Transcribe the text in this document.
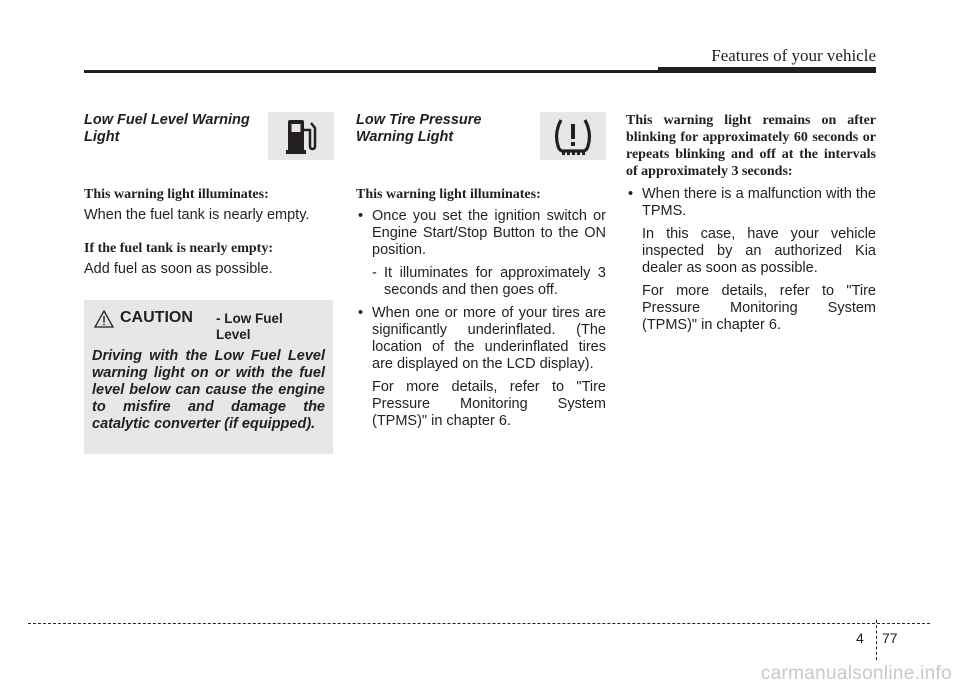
Features of your vehicle
Low Fuel Level Warning Light

This warning light illuminates:

When the fuel tank is nearly empty.

If the fuel tank is nearly empty:

Add fuel as soon as possible.

CAUTION - Low Fuel Level
Driving with the Low Fuel Level warning light on or with the fuel level below can cause the engine to misfire and damage the catalytic converter (if equipped).
Low Tire Pressure Warning Light

This warning light illuminates:

• Once you set the ignition switch or Engine Start/Stop Button to the ON position.
- It illuminates for approximately 3 seconds and then goes off.
• When one or more of your tires are significantly underinflated. (The location of the underinflated tires are displayed on the LCD display).
For more details, refer to "Tire Pressure Monitoring System (TPMS)" in chapter 6.

This warning light remains on after blinking for approximately 60 seconds or repeats blinking and off at the intervals of approximately 3 seconds:

• When there is a malfunction with the TPMS.
In this case, have your vehicle inspected by an authorized Kia dealer as soon as possible.
For more details, refer to "Tire Pressure Monitoring System (TPMS)" in chapter 6.
4 77
carmanualsonline.info
